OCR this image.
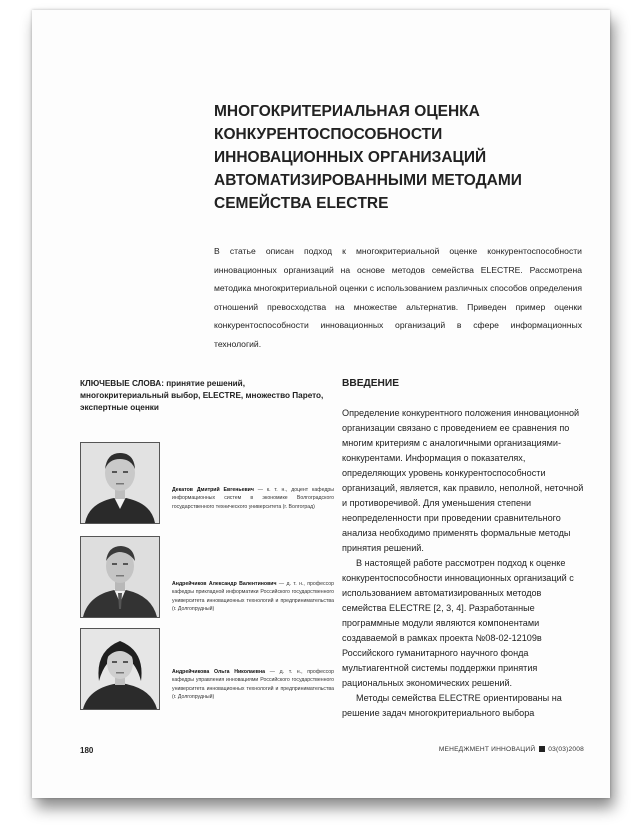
МНОГОКРИТЕРИАЛЬНАЯ ОЦЕНКА КОНКУРЕНТОСПОСОБНОСТИ ИННОВАЦИОННЫХ ОРГАНИЗАЦИЙ АВТОМАТИЗИРОВАННЫМИ МЕТОДАМИ СЕМЕЙСТВА ELECTRE

В статье описан подход к многокритериальной оценке конкурентоспособности инновационных организаций на основе методов семейства ELECTRE. Рассмотрена методика многокритериальной оценки с использованием различных способов определения отношений превосходства на множестве альтернатив. Приведен пример оценки конкурентоспособности инновационных организаций в сфере информационных технологий.

КЛЮЧЕВЫЕ СЛОВА: принятие решений, многокритериальный выбор, ELECTRE, множество Парето, экспертные оценки

Декатов Дмитрий Евгеньевич — к. т. н., доцент кафедры информационных систем в экономике Волгоградского государственного технического университета (г. Волгоград)

Андрейчиков Александр Валентинович — д. т. н., профессор кафедры прикладной информатики Российского государственного университета инновационных технологий и предпринимательства (г. Долгопрудный)

Андрейчикова Ольга Николаевна — д. т. н., профессор кафедры управления инновациями Российского государственного университета инновационных технологий и предпринимательства (г. Долгопрудный)

ВВЕДЕНИЕ

Определение конкурентного положения инновационной организации связано с проведением ее сравнения по многим критериям с аналогичными организациями-конкурентами. Информация о показателях, определяющих уровень конкурентоспособности организаций, является, как правило, неполной, неточной и противоречивой. Для уменьшения степени неопределенности при проведении сравнительного анализа необходимо применять формальные методы принятия решений.

В настоящей работе рассмотрен подход к оценке конкурентоспособности инновационных организаций с использованием автоматизированных методов семейства ELECTRE [2, 3, 4]. Разработанные программные модули являются компонентами создаваемой в рамках проекта №08-02-12109в Российского гуманитарного научного фонда мультиагентной системы поддержки принятия рациональных экономических решений.

Методы семейства ELECTRE ориентированы на решение задач многокритериального выбора

180	МЕНЕДЖМЕНТ ИННОВАЦИЙ 03(03)2008
